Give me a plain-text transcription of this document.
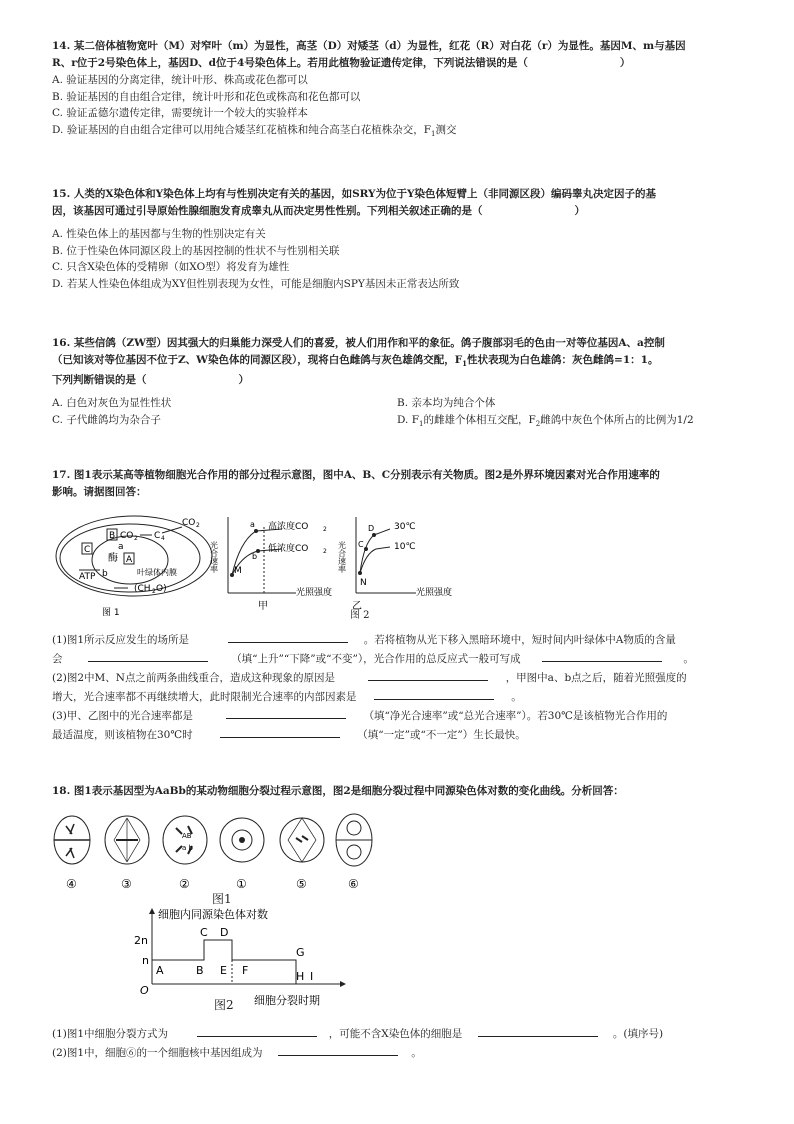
14. 某二倍体植物宽叶（M）对窄叶（m）为显性，高茎（D）对矮茎（d）为显性，红花（R）对白花（r）为显性。基因M、m与基因
R、r位于2号染色体上，基因D、d位于4号染色体上。若用此植物验证遗传定律，下列说法错误的是（	）
A. 验证基因的分离定律，统计叶形、株高或花色都可以
B. 验证基因的自由组合定律，统计叶形和花色或株高和花色都可以
C. 验证孟德尔遗传定律，需要统计一个较大的实验样本
D. 验证基因的自由组合定律可以用纯合矮茎红花植株和纯合高茎白花植株杂交，$F_1$测交
15. 人类的X染色体和Y染色体上均有与性别决定有关的基因，如SRY为位于Y染色体短臂上（非同源区段）编码睾丸决定因子的基
因，该基因可通过引导原始性腺细胞发育成睾丸从而决定男性性别。下列相关叙述正确的是（	）
A. 性染色体上的基因都与生物的性别决定有关
B. 位于性染色体同源区段上的基因控制的性状不与性别相关联
C. 只含X染色体的受精卵（如XO型）将发育为雄性
D. 若某人性染色体组成为XY但性别表现为女性，可能是细胞内SPY基因未正常表达所致
16. 某些信鸽（ZW型）因其强大的归巢能力深受人们的喜爱，被人们用作和平的象征。鸽子腹部羽毛的色由一对等位基因A、a控制
（已知该对等位基因不位于Z、W染色体的同源区段），现将白色雌鸽与灰色雄鸽交配，$F_1$性状表现为白色雄鸽：灰色雌鸽=1：1。
下列判断错误的是（	）
A. 白色对灰色为显性性状	B. 亲本均为纯合个体
C. 子代雌鸽均为杂合子	D. $F_1$的雌雄个体相互交配，$F_2$雌鸽中灰色个体所占的比例为1/2
17. 图1表示某高等植物细胞光合作用的部分过程示意图，图中A、B、C分别表示有关物质。图2是外界环境因素对光合作用速率的
影响。请据图回答：
B CO 2 C 4
CO 2
C	a
酶 A
b
ATP	叶绿体内膜
(CH 2 O)
图 1
光合速率
a
b
M
高浓度CO 2
低浓度CO 2
光照强度
甲
光合速率
D
C
N
30℃
10℃
光照强度
乙
图 2
(1)图1所示反应发生的场所是	。若将植物从光下移入黑暗环境中，短时间内叶绿体中A物质的含量
会	（填“上升”“下降”或“不变”），光合作用的总反应式一般可写成	。
(2)图2中M、N点之前两条曲线重合，造成这种现象的原因是	，甲图中a、b点之后，随着光照强度的
增大，光合速率都不再继续增大，此时限制光合速率的内部因素是	。
(3)甲、乙图中的光合速率都是	（填“净光合速率”或“总光合速率”）。若30℃是该植物光合作用的
最适温度，则该植物在30℃时	（填“一定”或“不一定”）生长最快。
18. 图1表示基因型为AaBb的某动物细胞分裂过程示意图，图2是细胞分裂过程中同源染色体对数的变化曲线。分析回答：
AB
a b
④	③	②	①	⑤	⑥
图1
细胞内同源染色体对数
2n
n
O
A	B
C D
E F
G
H I
细胞分裂时期
图2
(1)图1中细胞分裂方式为	，可能不含X染色体的细胞是	。(填序号)
(2)图1中，细胞⑥的一个细胞核中基因组成为	。
